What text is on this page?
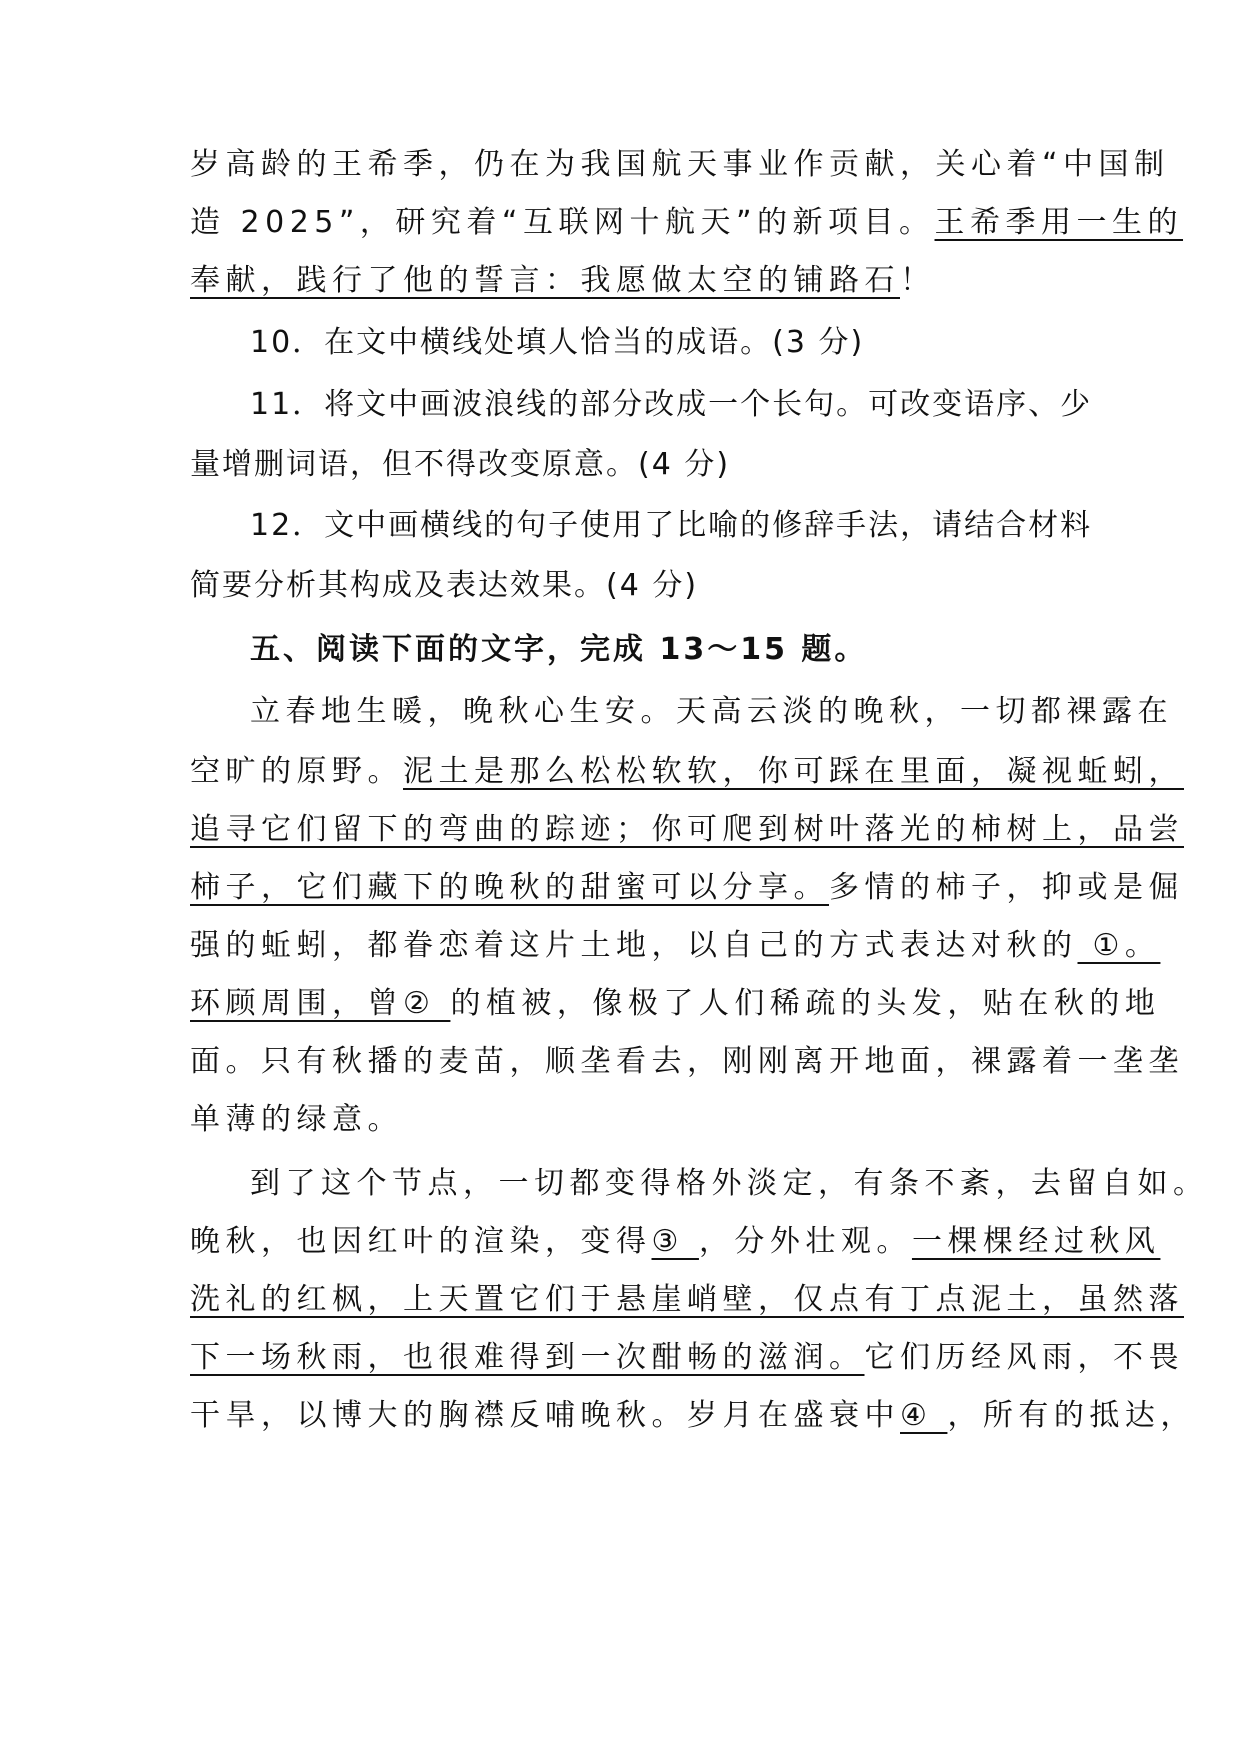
岁高龄的王希季，仍在为我国航天事业作贡献，关心着“中国制
造 2025”，研究着“互联网十航天”的新项目。王希季用一生的
奉献，践行了他的誓言：我愿做太空的铺路石！
10．在文中横线处填人恰当的成语。(3 分)
11．将文中画波浪线的部分改成一个长句。可改变语序、少
量增删词语，但不得改变原意。(4 分)
12．文中画横线的句子使用了比喻的修辞手法，请结合材料
简要分析其构成及表达效果。(4 分)
五、阅读下面的文字，完成 13～15 题。
立春地生暖，晚秋心生安。天高云淡的晚秋，一切都裸露在
空旷的原野。泥土是那么松松软软，你可踩在里面，凝视蚯蚓，
追寻它们留下的弯曲的踪迹；你可爬到树叶落光的柿树上，品尝
柿子，它们藏下的晚秋的甜蜜可以分享。多情的柿子，抑或是倔
强的蚯蚓，都眷恋着这片土地，以自己的方式表达对秋的 ①。
环顾周围，曾② 的植被，像极了人们稀疏的头发，贴在秋的地
面。只有秋播的麦苗，顺垄看去，刚刚离开地面，裸露着一垄垄
单薄的绿意。
到了这个节点，一切都变得格外淡定，有条不紊，去留自如。
晚秋，也因红叶的渲染，变得③ ，分外壮观。一棵棵经过秋风
洗礼的红枫，上天置它们于悬崖峭壁，仅点有丁点泥土，虽然落
下一场秋雨，也很难得到一次酣畅的滋润。它们历经风雨，不畏
干旱，以博大的胸襟反哺晚秋。岁月在盛衰中④ ，所有的抵达，
